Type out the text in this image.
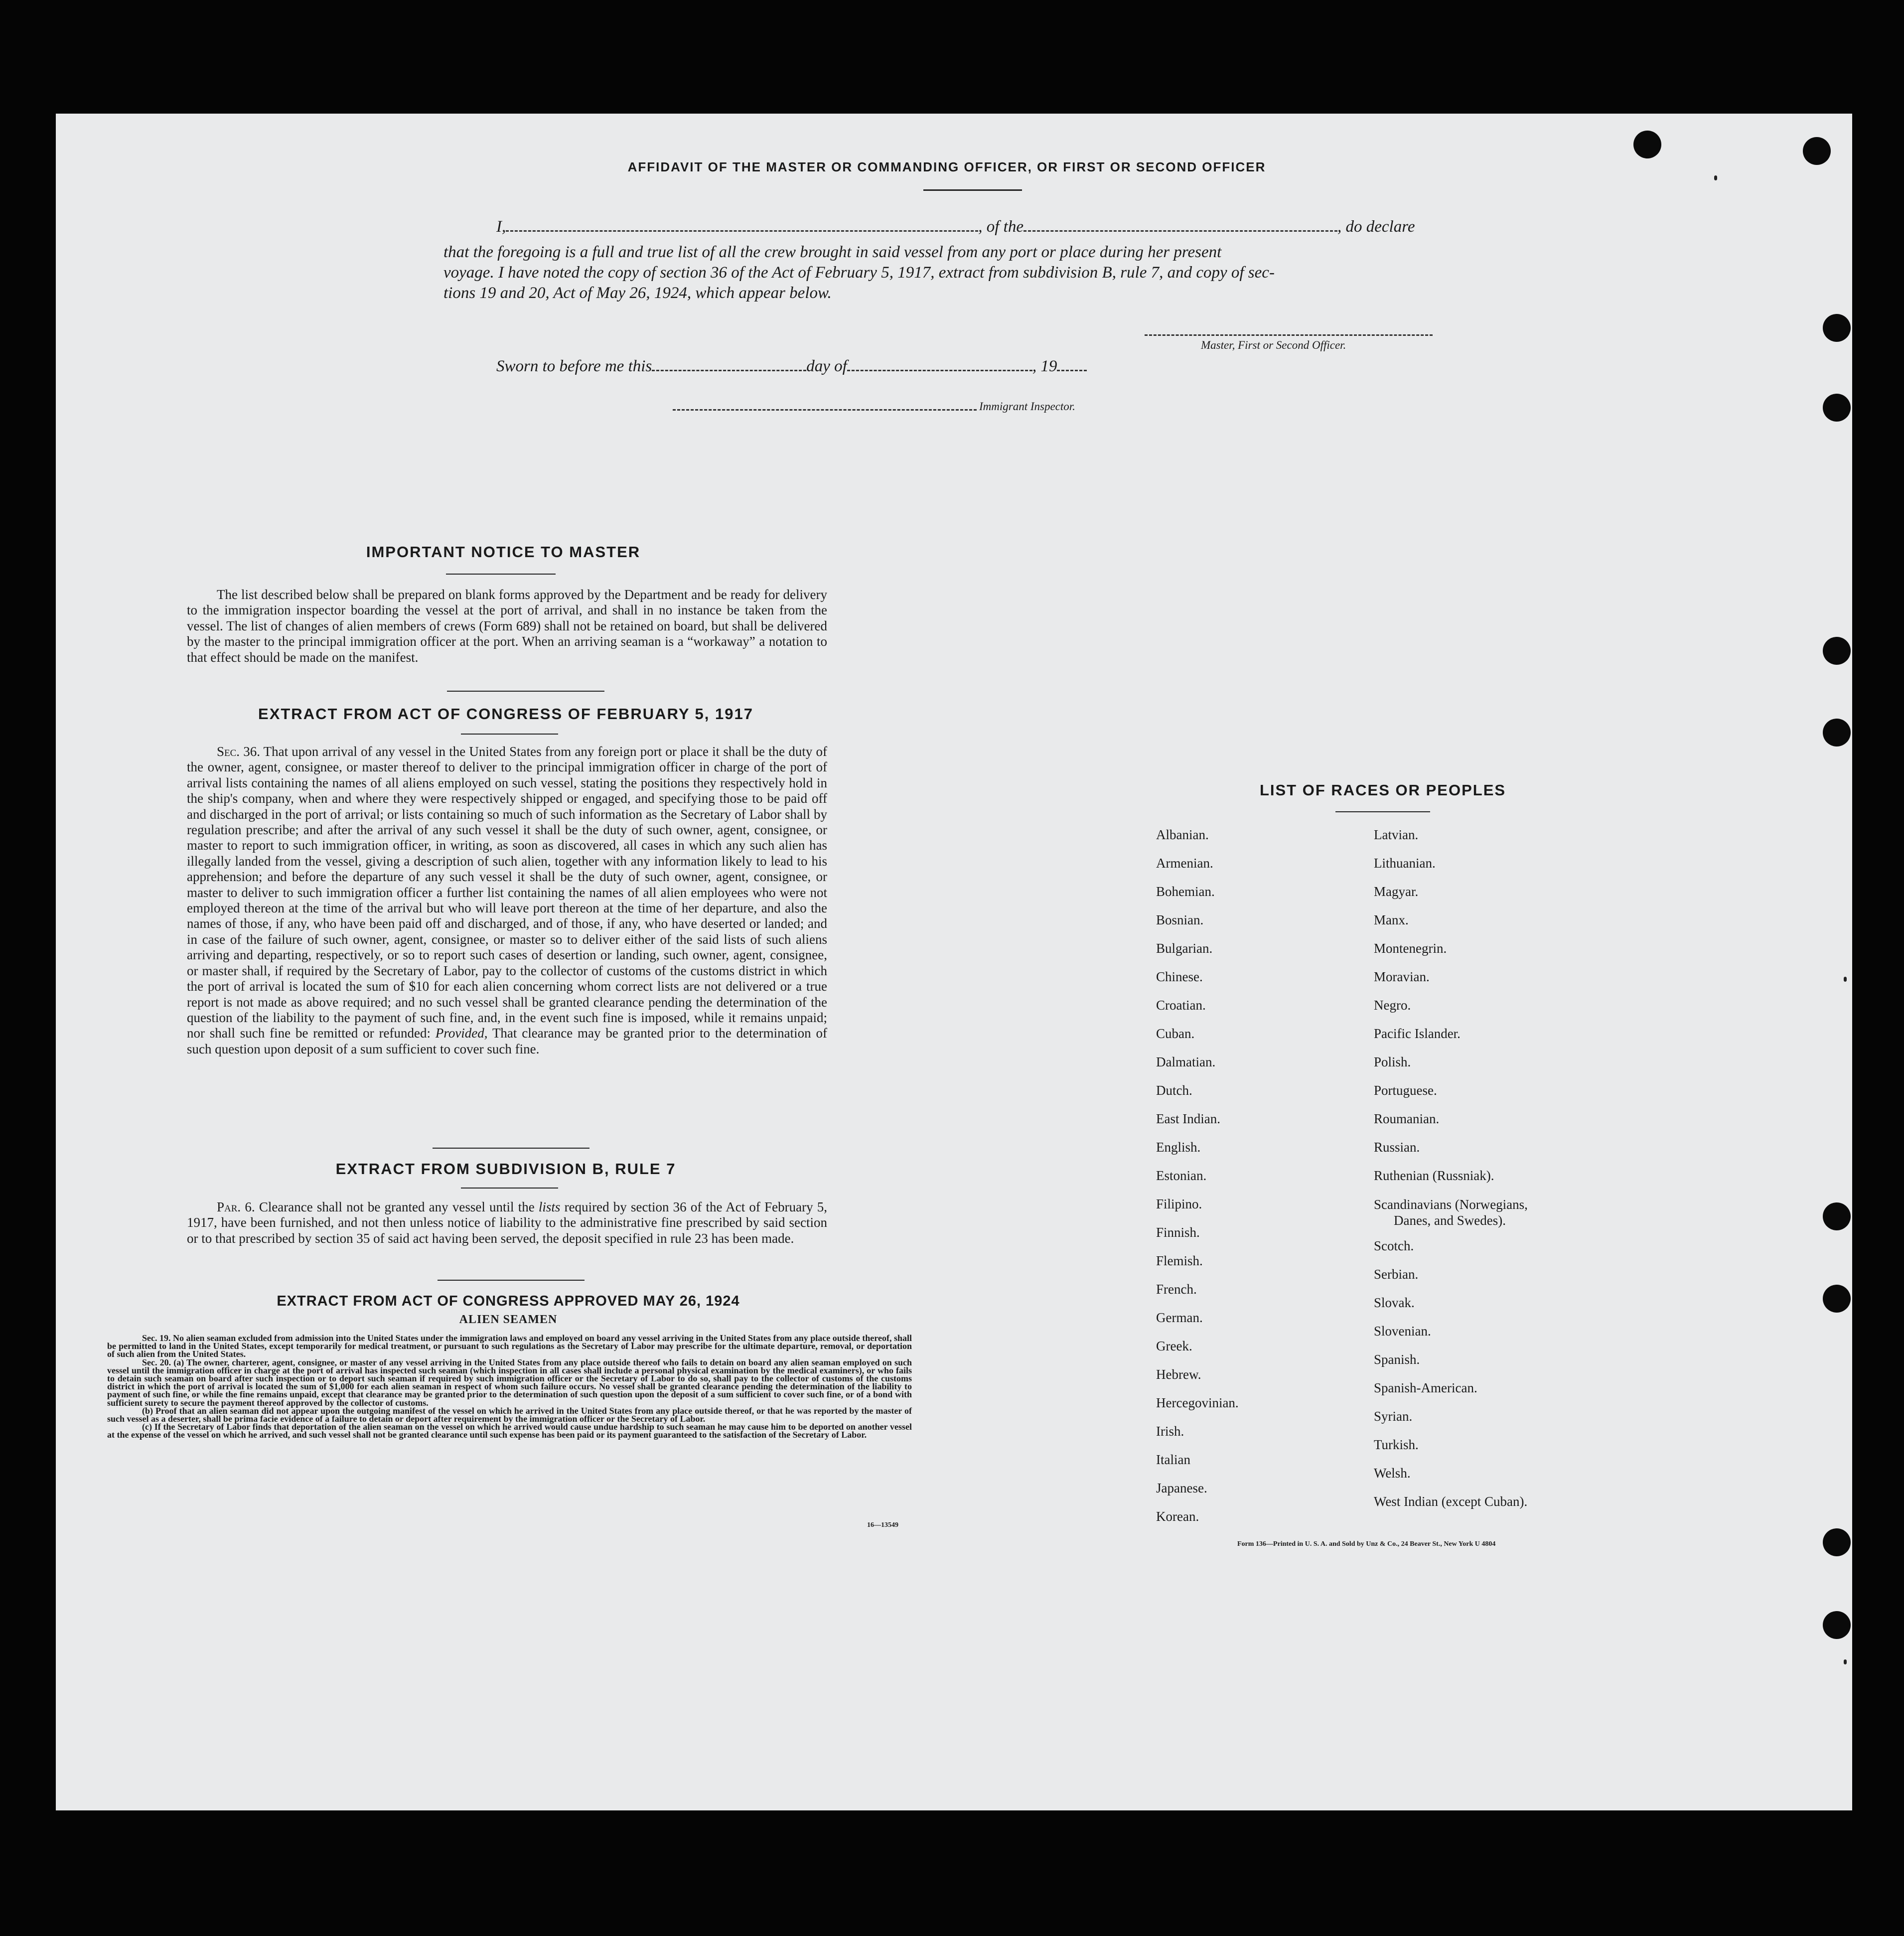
AFFIDAVIT OF THE MASTER OR COMMANDING OFFICER, OR FIRST OR SECOND OFFICER
I,	, of the	, do declare
that the foregoing is a full and true list of all the crew brought in said vessel from any port or place during her present
voyage. I have noted the copy of section 36 of the Act of February 5, 1917, extract from subdivision B, rule 7, and copy of sec-
tions 19 and 20, Act of May 26, 1924, which appear below.
Master, First or Second Officer.
Sworn to before me this	day of	, 19
Immigrant Inspector.
IMPORTANT NOTICE TO MASTER
The list described below shall be prepared on blank forms approved by the Department and be ready for delivery to the immigration inspector boarding the vessel at the port of arrival, and shall in no instance be taken from the vessel. The list of changes of alien members of crews (Form 689) shall not be retained on board, but shall be delivered by the master to the principal immigration officer at the port. When an arriving seaman is a “workaway” a notation to that effect should be made on the manifest.
EXTRACT FROM ACT OF CONGRESS OF FEBRUARY 5, 1917
Sec. 36. That upon arrival of any vessel in the United States from any foreign port or place it shall be the duty of the owner, agent, consignee, or master thereof to deliver to the principal immigration officer in charge of the port of arrival lists containing the names of all aliens employed on such vessel, stating the positions they respectively hold in the ship's company, when and where they were respectively shipped or engaged, and specifying those to be paid off and discharged in the port of arrival; or lists containing so much of such information as the Secretary of Labor shall by regulation prescribe; and after the arrival of any such vessel it shall be the duty of such owner, agent, consignee, or master to report to such immigration officer, in writing, as soon as discovered, all cases in which any such alien has illegally landed from the vessel, giving a description of such alien, together with any information likely to lead to his apprehension; and before the departure of any such vessel it shall be the duty of such owner, agent, consignee, or master to deliver to such immigration officer a further list containing the names of all alien employees who were not employed thereon at the time of the arrival but who will leave port thereon at the time of her departure, and also the names of those, if any, who have been paid off and discharged, and of those, if any, who have deserted or landed; and in case of the failure of such owner, agent, consignee, or master so to deliver either of the said lists of such aliens arriving and departing, respectively, or so to report such cases of desertion or landing, such owner, agent, consignee, or master shall, if required by the Secretary of Labor, pay to the collector of customs of the customs district in which the port of arrival is located the sum of $10 for each alien concerning whom correct lists are not delivered or a true report is not made as above required; and no such vessel shall be granted clearance pending the determination of the question of the liability to the payment of such fine, and, in the event such fine is imposed, while it remains unpaid; nor shall such fine be remitted or refunded: Provided, That clearance may be granted prior to the determination of such question upon deposit of a sum sufficient to cover such fine.
EXTRACT FROM SUBDIVISION B, RULE 7
Par. 6. Clearance shall not be granted any vessel until the lists required by section 36 of the Act of February 5, 1917, have been furnished, and not then unless notice of liability to the administrative fine prescribed by said section or to that prescribed by section 35 of said act having been served, the deposit specified in rule 23 has been made.
EXTRACT FROM ACT OF CONGRESS APPROVED MAY 26, 1924
ALIEN SEAMEN
Sec. 19. No alien seaman excluded from admission into the United States under the immigration laws and employed on board any vessel arriving in the United States from any place outside thereof, shall be permitted to land in the United States, except temporarily for medical treatment, or pursuant to such regulations as the Secretary of Labor may prescribe for the ultimate departure, removal, or deportation of such alien from the United States.
Sec. 20. (a) The owner, charterer, agent, consignee, or master of any vessel arriving in the United States from any place outside thereof who fails to detain on board any alien seaman employed on such vessel until the immigration officer in charge at the port of arrival has inspected such seaman (which inspection in all cases shall include a personal physical examination by the medical examiners), or who fails to detain such seaman on board after such inspection or to deport such seaman if required by such immigration officer or the Secretary of Labor to do so, shall pay to the collector of customs of the customs district in which the port of arrival is located the sum of $1,000 for each alien seaman in respect of whom such failure occurs. No vessel shall be granted clearance pending the determination of the liability to payment of such fine, or while the fine remains unpaid, except that clearance may be granted prior to the determination of such question upon the deposit of a sum sufficient to cover such fine, or of a bond with sufficient surety to secure the payment thereof approved by the collector of customs.
(b) Proof that an alien seaman did not appear upon the outgoing manifest of the vessel on which he arrived in the United States from any place outside thereof, or that he was reported by the master of such vessel as a deserter, shall be prima facie evidence of a failure to detain or deport after requirement by the immigration officer or the Secretary of Labor.
(c) If the Secretary of Labor finds that deportation of the alien seaman on the vessel on which he arrived would cause undue hardship to such seaman he may cause him to be deported on another vessel at the expense of the vessel on which he arrived, and such vessel shall not be granted clearance until such expense has been paid or its payment guaranteed to the satisfaction of the Secretary of Labor.
16—13549
LIST OF RACES OR PEOPLES
Albanian.
Armenian.
Bohemian.
Bosnian.
Bulgarian.
Chinese.
Croatian.
Cuban.
Dalmatian.
Dutch.
East Indian.
English.
Estonian.
Filipino.
Finnish.
Flemish.
French.
German.
Greek.
Hebrew.
Hercegovinian.
Irish.
Italian
Japanese.
Korean.
Latvian.
Lithuanian.
Magyar.
Manx.
Montenegrin.
Moravian.
Negro.
Pacific Islander.
Polish.
Portuguese.
Roumanian.
Russian.
Ruthenian (Russniak).
Scandinavians (Norwegians,
Danes, and Swedes).
Scotch.
Serbian.
Slovak.
Slovenian.
Spanish.
Spanish-American.
Syrian.
Turkish.
Welsh.
West Indian (except Cuban).
Form 136—Printed in U. S. A. and Sold by Unz & Co., 24 Beaver St., New York U 4804
